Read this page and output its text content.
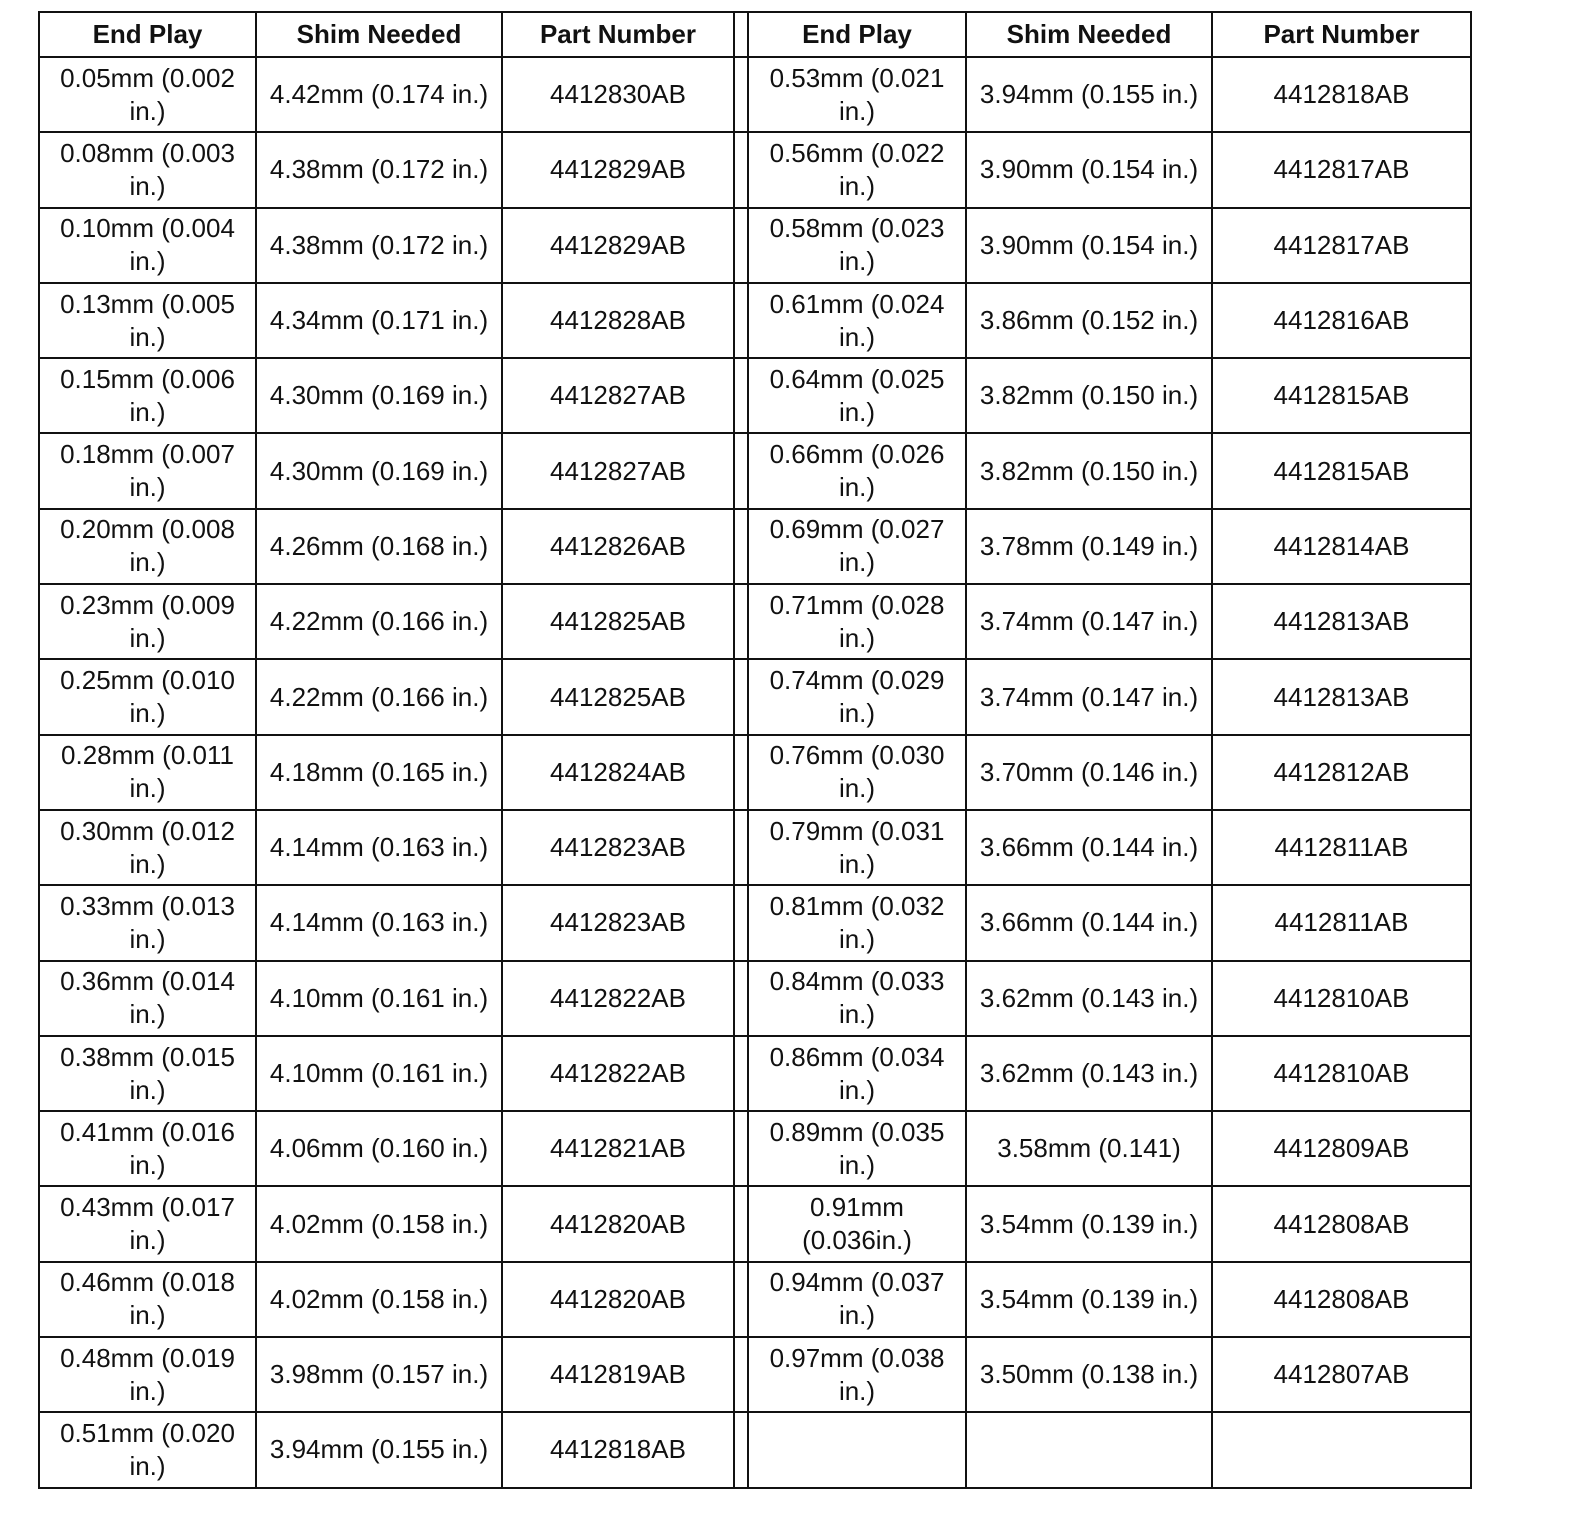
End Play	Shim Needed	Part Number		End Play	Shim Needed	Part Number
0.05mm (0.002 in.)	4.42mm (0.174 in.)	4412830AB		0.53mm (0.021 in.)	3.94mm (0.155 in.)	4412818AB
0.08mm (0.003 in.)	4.38mm (0.172 in.)	4412829AB		0.56mm (0.022 in.)	3.90mm (0.154 in.)	4412817AB
0.10mm (0.004 in.)	4.38mm (0.172 in.)	4412829AB		0.58mm (0.023 in.)	3.90mm (0.154 in.)	4412817AB
0.13mm (0.005 in.)	4.34mm (0.171 in.)	4412828AB		0.61mm (0.024 in.)	3.86mm (0.152 in.)	4412816AB
0.15mm (0.006 in.)	4.30mm (0.169 in.)	4412827AB		0.64mm (0.025 in.)	3.82mm (0.150 in.)	4412815AB
0.18mm (0.007 in.)	4.30mm (0.169 in.)	4412827AB		0.66mm (0.026 in.)	3.82mm (0.150 in.)	4412815AB
0.20mm (0.008 in.)	4.26mm (0.168 in.)	4412826AB		0.69mm (0.027 in.)	3.78mm (0.149 in.)	4412814AB
0.23mm (0.009 in.)	4.22mm (0.166 in.)	4412825AB		0.71mm (0.028 in.)	3.74mm (0.147 in.)	4412813AB
0.25mm (0.010 in.)	4.22mm (0.166 in.)	4412825AB		0.74mm (0.029 in.)	3.74mm (0.147 in.)	4412813AB
0.28mm (0.011 in.)	4.18mm (0.165 in.)	4412824AB		0.76mm (0.030 in.)	3.70mm (0.146 in.)	4412812AB
0.30mm (0.012 in.)	4.14mm (0.163 in.)	4412823AB		0.79mm (0.031 in.)	3.66mm (0.144 in.)	4412811AB
0.33mm (0.013 in.)	4.14mm (0.163 in.)	4412823AB		0.81mm (0.032 in.)	3.66mm (0.144 in.)	4412811AB
0.36mm (0.014 in.)	4.10mm (0.161 in.)	4412822AB		0.84mm (0.033 in.)	3.62mm (0.143 in.)	4412810AB
0.38mm (0.015 in.)	4.10mm (0.161 in.)	4412822AB		0.86mm (0.034 in.)	3.62mm (0.143 in.)	4412810AB
0.41mm (0.016 in.)	4.06mm (0.160 in.)	4412821AB		0.89mm (0.035 in.)	3.58mm (0.141)	4412809AB
0.43mm (0.017 in.)	4.02mm (0.158 in.)	4412820AB		0.91mm (0.036in.)	3.54mm (0.139 in.)	4412808AB
0.46mm (0.018 in.)	4.02mm (0.158 in.)	4412820AB		0.94mm (0.037 in.)	3.54mm (0.139 in.)	4412808AB
0.48mm (0.019 in.)	3.98mm (0.157 in.)	4412819AB		0.97mm (0.038 in.)	3.50mm (0.138 in.)	4412807AB
0.51mm (0.020 in.)	3.94mm (0.155 in.)	4412818AB				
